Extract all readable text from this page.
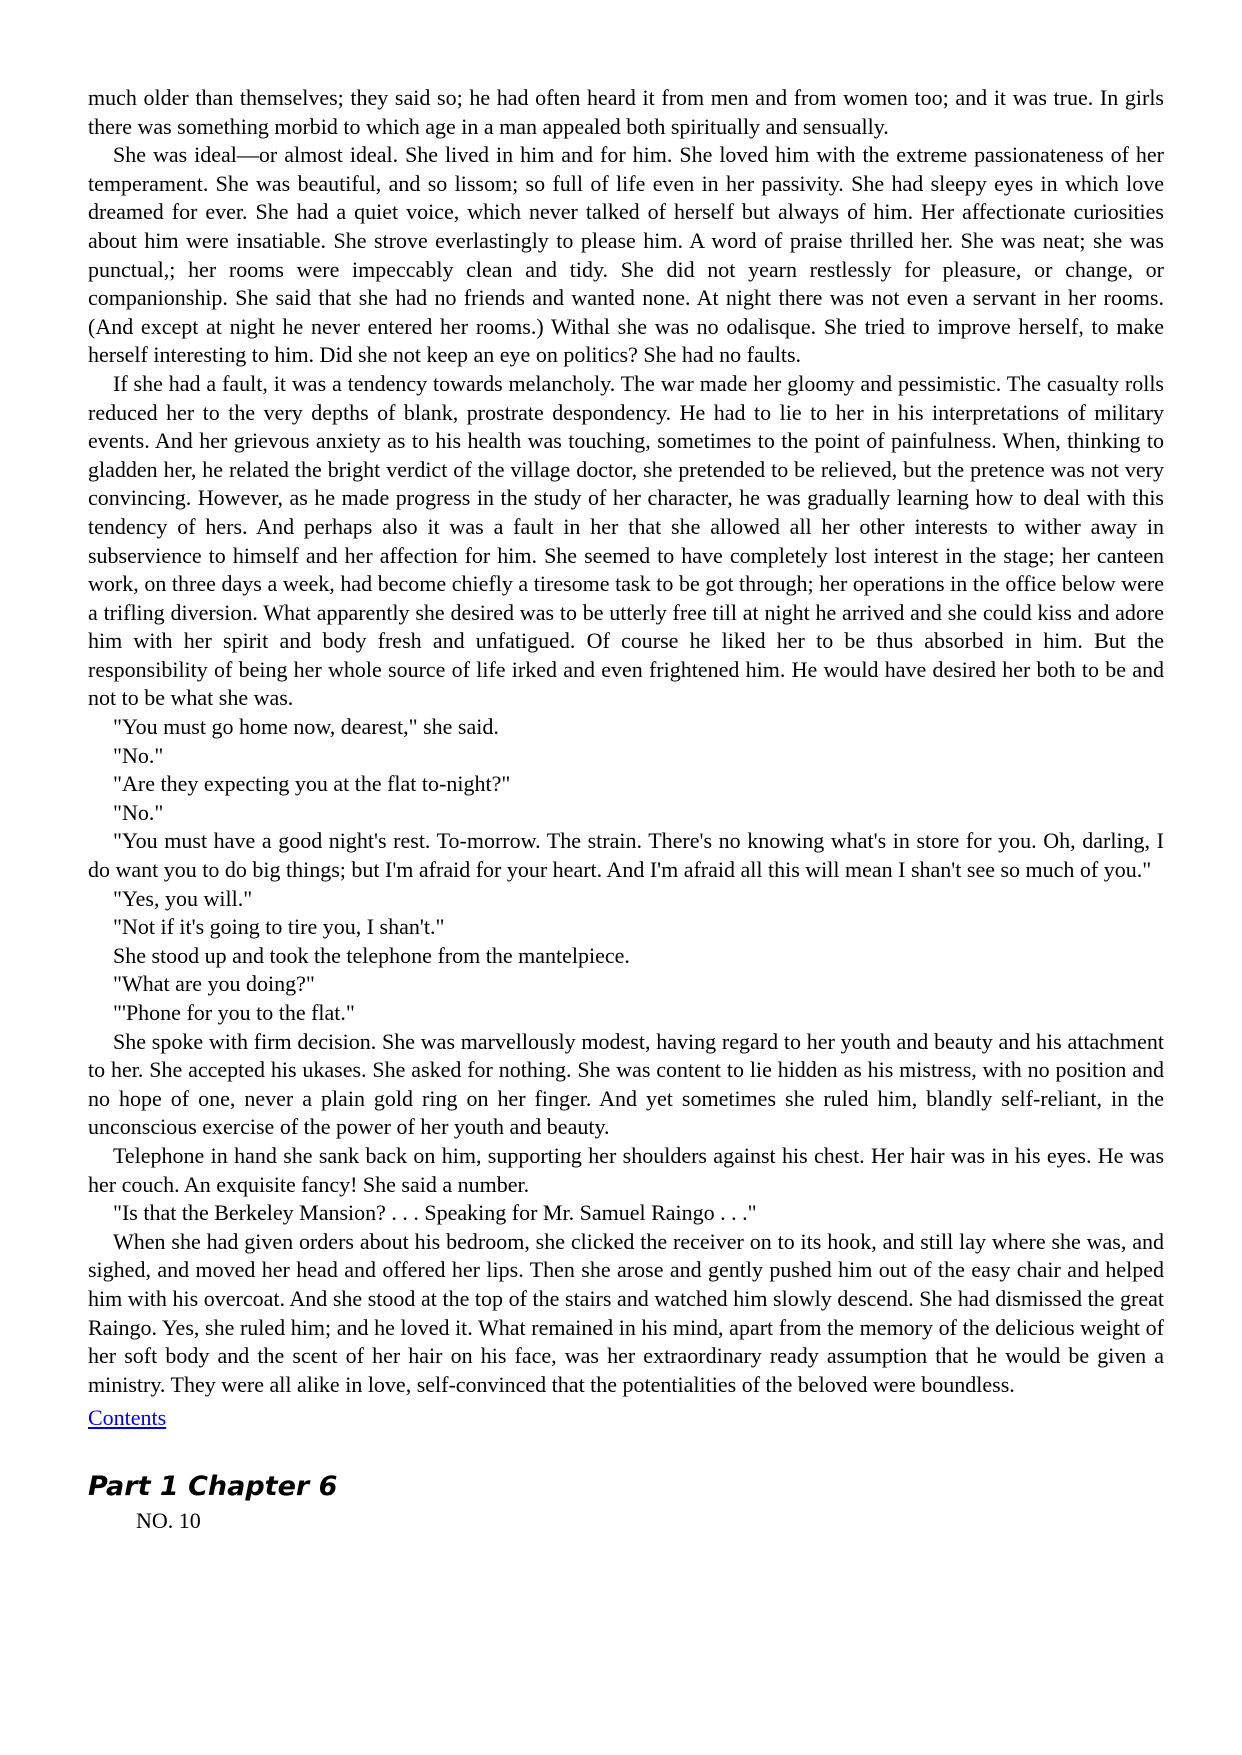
much older than themselves; they said so; he had often heard it from men and from women too; and it was true. In girls there was something morbid to which age in a man appealed both spiritually and sensually.

She was ideal—or almost ideal. She lived in him and for him. She loved him with the extreme passionateness of her temperament. She was beautiful, and so lissom; so full of life even in her passivity. She had sleepy eyes in which love dreamed for ever. She had a quiet voice, which never talked of herself but always of him. Her affectionate curiosities about him were insatiable. She strove everlastingly to please him. A word of praise thrilled her. She was neat; she was punctual,; her rooms were impeccably clean and tidy. She did not yearn restlessly for pleasure, or change, or companionship. She said that she had no friends and wanted none. At night there was not even a servant in her rooms. (And except at night he never entered her rooms.) Withal she was no odalisque. She tried to improve herself, to make herself interesting to him. Did she not keep an eye on politics? She had no faults.

If she had a fault, it was a tendency towards melancholy. The war made her gloomy and pessimistic. The casualty rolls reduced her to the very depths of blank, prostrate despondency. He had to lie to her in his interpretations of military events. And her grievous anxiety as to his health was touching, sometimes to the point of painfulness. When, thinking to gladden her, he related the bright verdict of the village doctor, she pretended to be relieved, but the pretence was not very convincing. However, as he made progress in the study of her character, he was gradually learning how to deal with this tendency of hers. And perhaps also it was a fault in her that she allowed all her other interests to wither away in subservience to himself and her affection for him. She seemed to have completely lost interest in the stage; her canteen work, on three days a week, had become chiefly a tiresome task to be got through; her operations in the office below were a trifling diversion. What apparently she desired was to be utterly free till at night he arrived and she could kiss and adore him with her spirit and body fresh and unfatigued. Of course he liked her to be thus absorbed in him. But the responsibility of being her whole source of life irked and even frightened him. He would have desired her both to be and not to be what she was.

"You must go home now, dearest," she said.

"No."

"Are they expecting you at the flat to-night?"

"No."

"You must have a good night's rest. To-morrow. The strain. There's no knowing what's in store for you. Oh, darling, I do want you to do big things; but I'm afraid for your heart. And I'm afraid all this will mean I shan't see so much of you."

"Yes, you will."

"Not if it's going to tire you, I shan't."

She stood up and took the telephone from the mantelpiece.

"What are you doing?"

"'Phone for you to the flat."

She spoke with firm decision. She was marvellously modest, having regard to her youth and beauty and his attachment to her. She accepted his ukases. She asked for nothing. She was content to lie hidden as his mistress, with no position and no hope of one, never a plain gold ring on her finger. And yet sometimes she ruled him, blandly self-reliant, in the unconscious exercise of the power of her youth and beauty.

Telephone in hand she sank back on him, supporting her shoulders against his chest. Her hair was in his eyes. He was her couch. An exquisite fancy! She said a number.

"Is that the Berkeley Mansion? . . . Speaking for Mr. Samuel Raingo . . ."

When she had given orders about his bedroom, she clicked the receiver on to its hook, and still lay where she was, and sighed, and moved her head and offered her lips. Then she arose and gently pushed him out of the easy chair and helped him with his overcoat. And she stood at the top of the stairs and watched him slowly descend. She had dismissed the great Raingo. Yes, she ruled him; and he loved it. What remained in his mind, apart from the memory of the delicious weight of her soft body and the scent of her hair on his face, was her extraordinary ready assumption that he would be given a ministry. They were all alike in love, self-convinced that the potentialities of the beloved were boundless.

Contents
Part 1 Chapter 6
NO. 10
